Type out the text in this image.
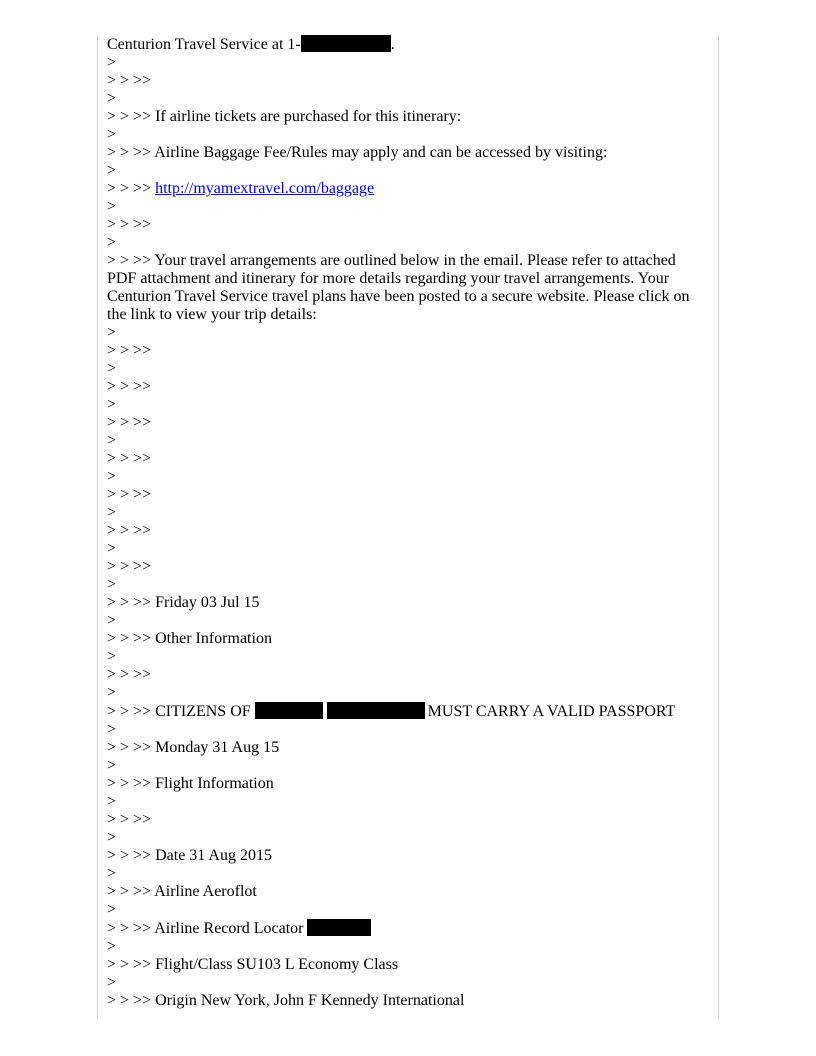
Centurion Travel Service at 1-	.
>
> > >>
>
> > >> If airline tickets are purchased for this itinerary:
>
> > >> Airline Baggage Fee/Rules may apply and can be accessed by visiting:
>
> > >> http://myamextravel.com/baggage
>
> > >>
>
> > >> Your travel arrangements are outlined below in the email. Please refer to attached PDF attachment and itinerary for more details regarding your travel arrangements. Your Centurion Travel Service travel plans have been posted to a secure website. Please click on the link to view your trip details:
>
> > >>
>
> > >>
>
> > >>
>
> > >>
>
> > >>
>
> > >>
>
> > >>
>
> > >> Friday 03 Jul 15
>
> > >> Other Information
>
> > >>
>
> > >> CITIZENS OF	MUST CARRY A VALID PASSPORT
>
> > >> Monday 31 Aug 15
>
> > >> Flight Information
>
> > >>
>
> > >> Date 31 Aug 2015
>
> > >> Airline Aeroflot
>
> > >> Airline Record Locator
>
> > >> Flight/Class SU103 L Economy Class
>
> > >> Origin New York, John F Kennedy International
